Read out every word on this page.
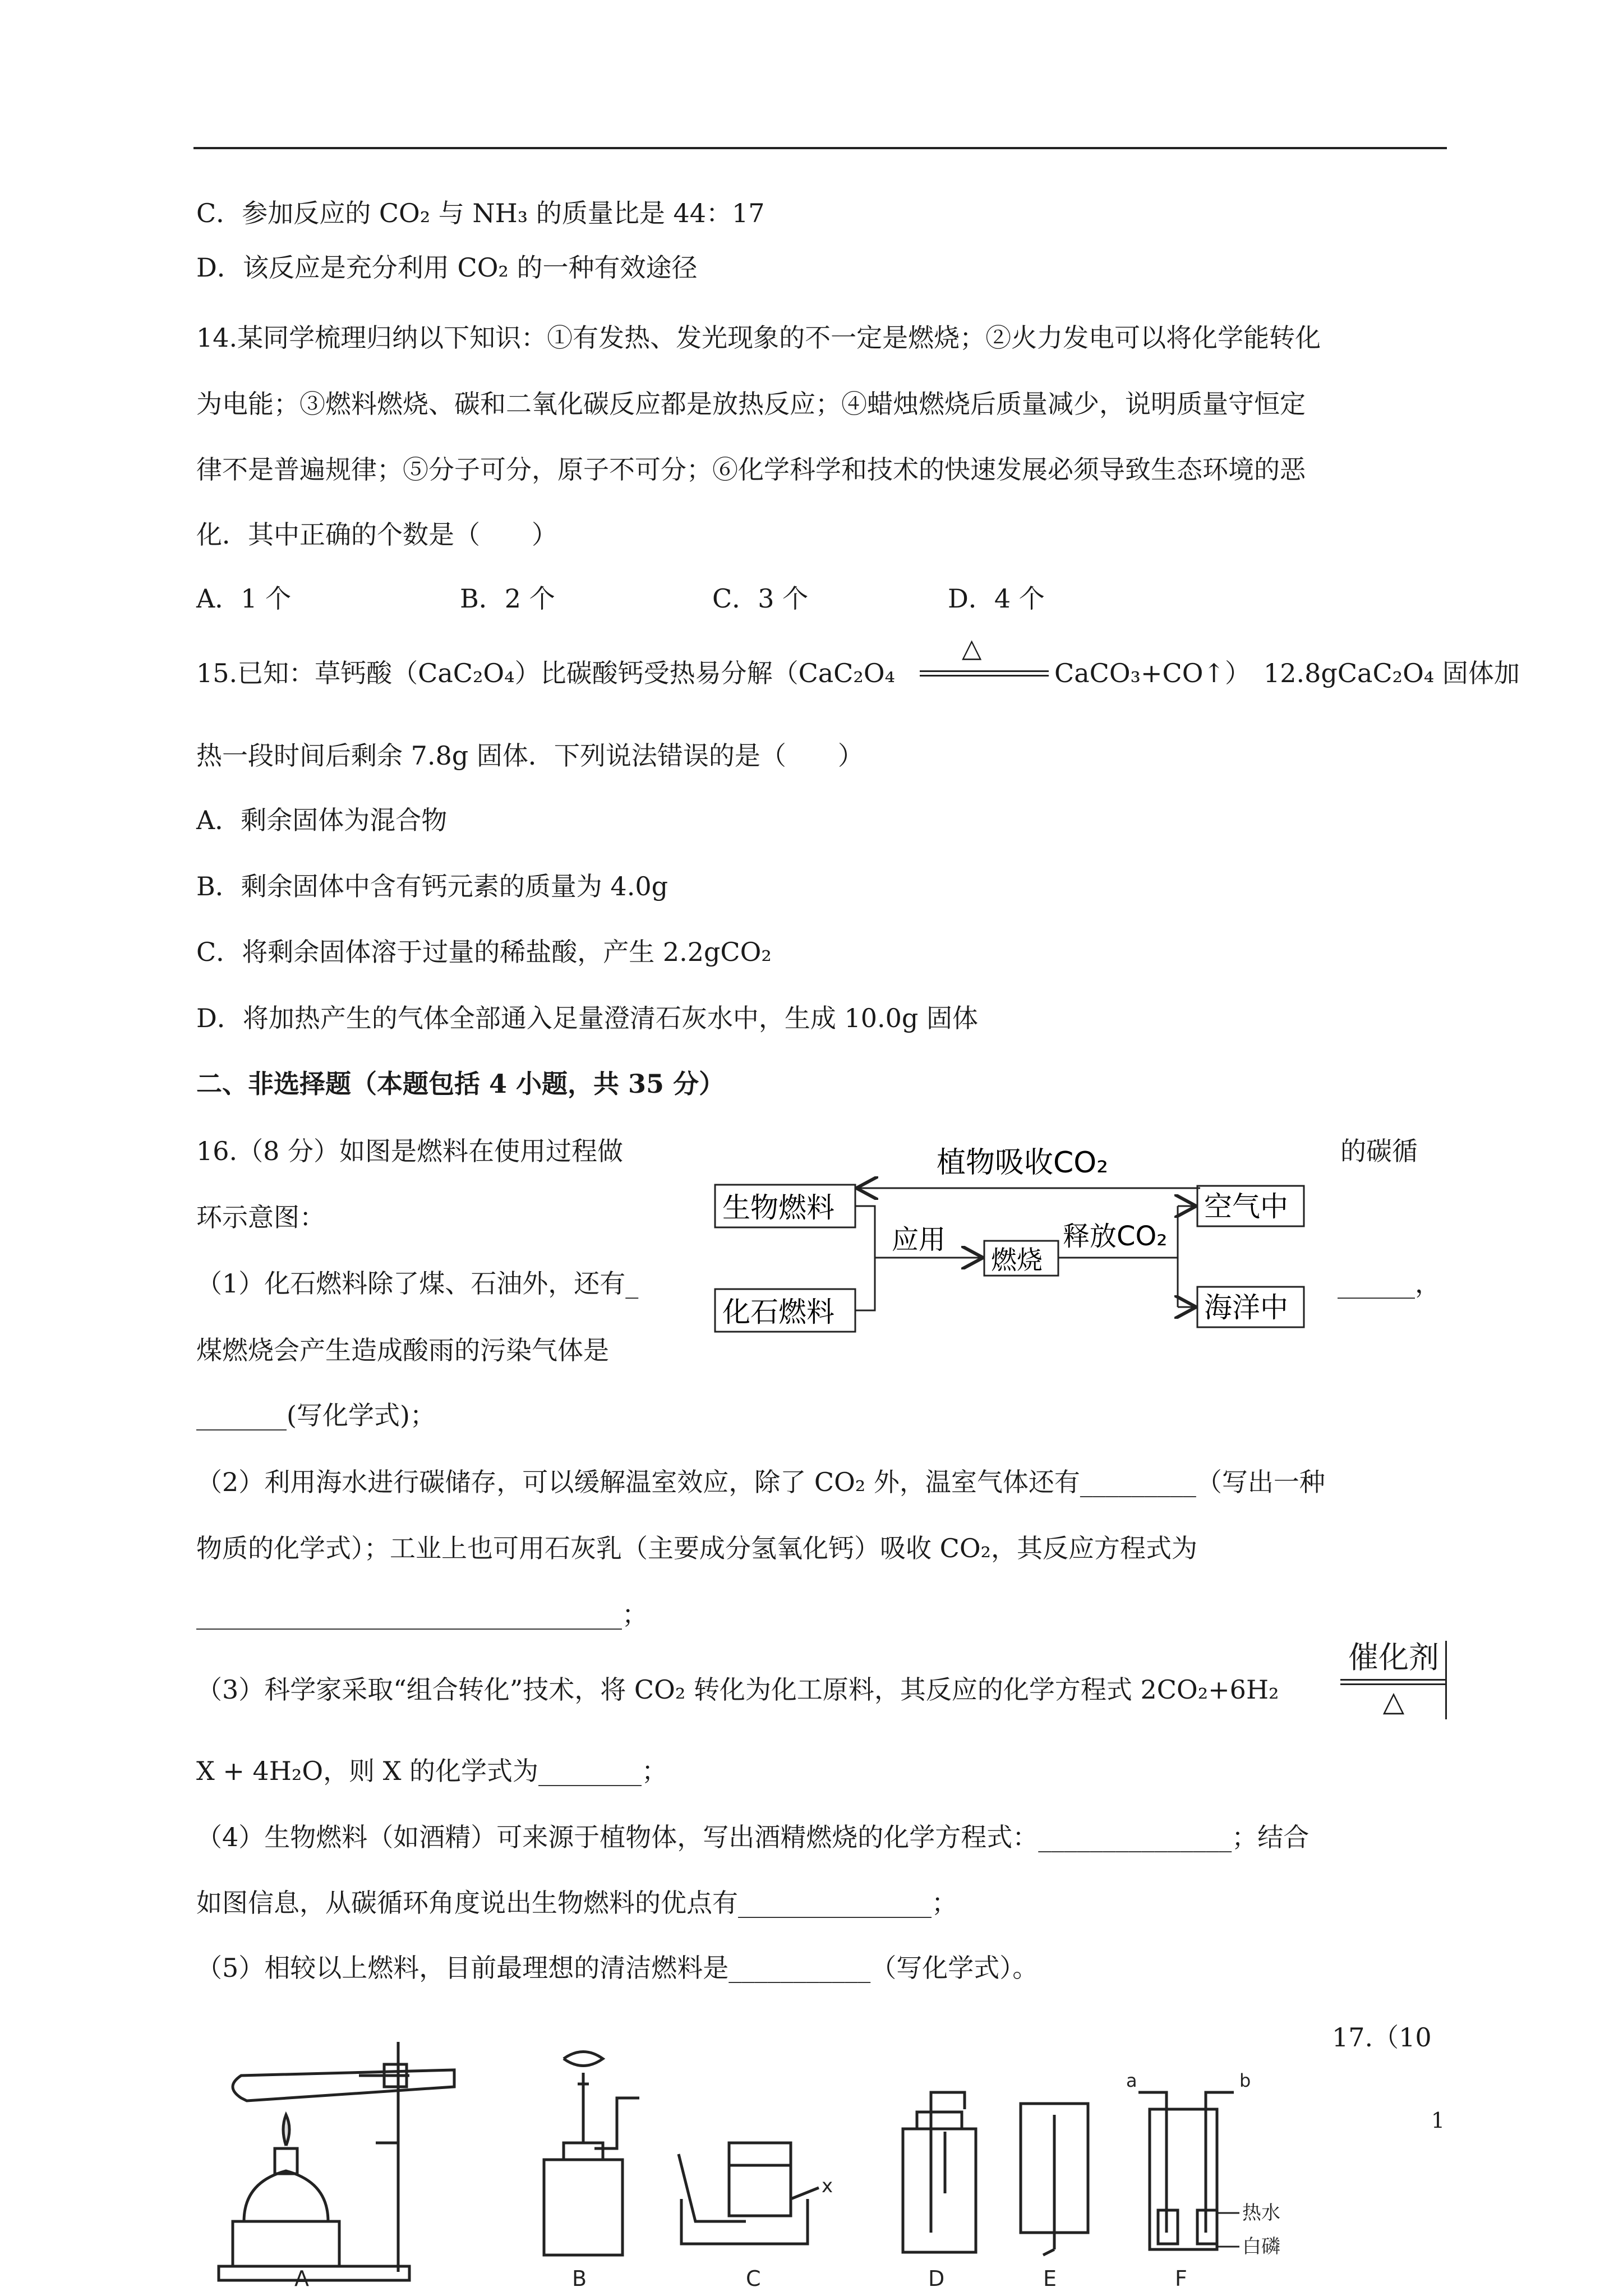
C．参加反应的 CO₂ 与 NH₃ 的质量比是 44：17
D．该反应是充分利用 CO₂ 的一种有效途径
14.某同学梳理归纳以下知识：①有发热、发光现象的不一定是燃烧；②火力发电可以将化学能转化
为电能；③燃料燃烧、碳和二氧化碳反应都是放热反应；④蜡烛燃烧后质量减少，说明质量守恒定
律不是普遍规律；⑤分子可分，原子不可分；⑥化学科学和技术的快速发展必须导致生态环境的恶
化．其中正确的个数是（　　）
A．1 个	B．2 个	C．3 个	D．4 个
15.已知：草钙酸（CaC₂O₄）比碳酸钙受热易分解（CaC₂O₄
△
CaCO₃+CO↑）　12.8gCaC₂O₄ 固体加
热一段时间后剩余 7.8g 固体．下列说法错误的是（　　）
A．剩余固体为混合物
B．剩余固体中含有钙元素的质量为 4.0g
C．将剩余固体溶于过量的稀盐酸，产生 2.2gCO₂
D．将加热产生的气体全部通入足量澄清石灰水中，生成 10.0g 固体
二、非选择题（本题包括 4 小题，共 35 分）
16.（8 分）如图是燃料在使用过程做	的碳循
环示意图：
（1）化石燃料除了煤、石油外，还有_	______，
煤燃烧会产生造成酸雨的污染气体是
_______(写化学式)；
植物吸收CO₂
生物燃料
化石燃料
应用
燃烧
释放CO₂
空气中
海洋中
（2）利用海水进行碳储存，可以缓解温室效应，除了 CO₂ 外，温室气体还有_________（写出一种
物质的化学式）；工业上也可用石灰乳（主要成分氢氧化钙）吸收 CO₂，其反应方程式为
_________________________________；
（3）科学家采取“组合转化”技术，将 CO₂ 转化为化工原料，其反应的化学方程式 2CO₂+6H₂
催化剂
△
X + 4H₂O，则 X 的化学式为________；
（4）生物燃料（如酒精）可来源于植物体，写出酒精燃烧的化学方程式：_______________；结合
如图信息，从碳循环角度说出生物燃料的优点有_______________；
（5）相较以上燃料，目前最理想的清洁燃料是___________（写化学式）。
17.（10
A	B
x
C	D	E
a	b
热水
白磷
F
1
